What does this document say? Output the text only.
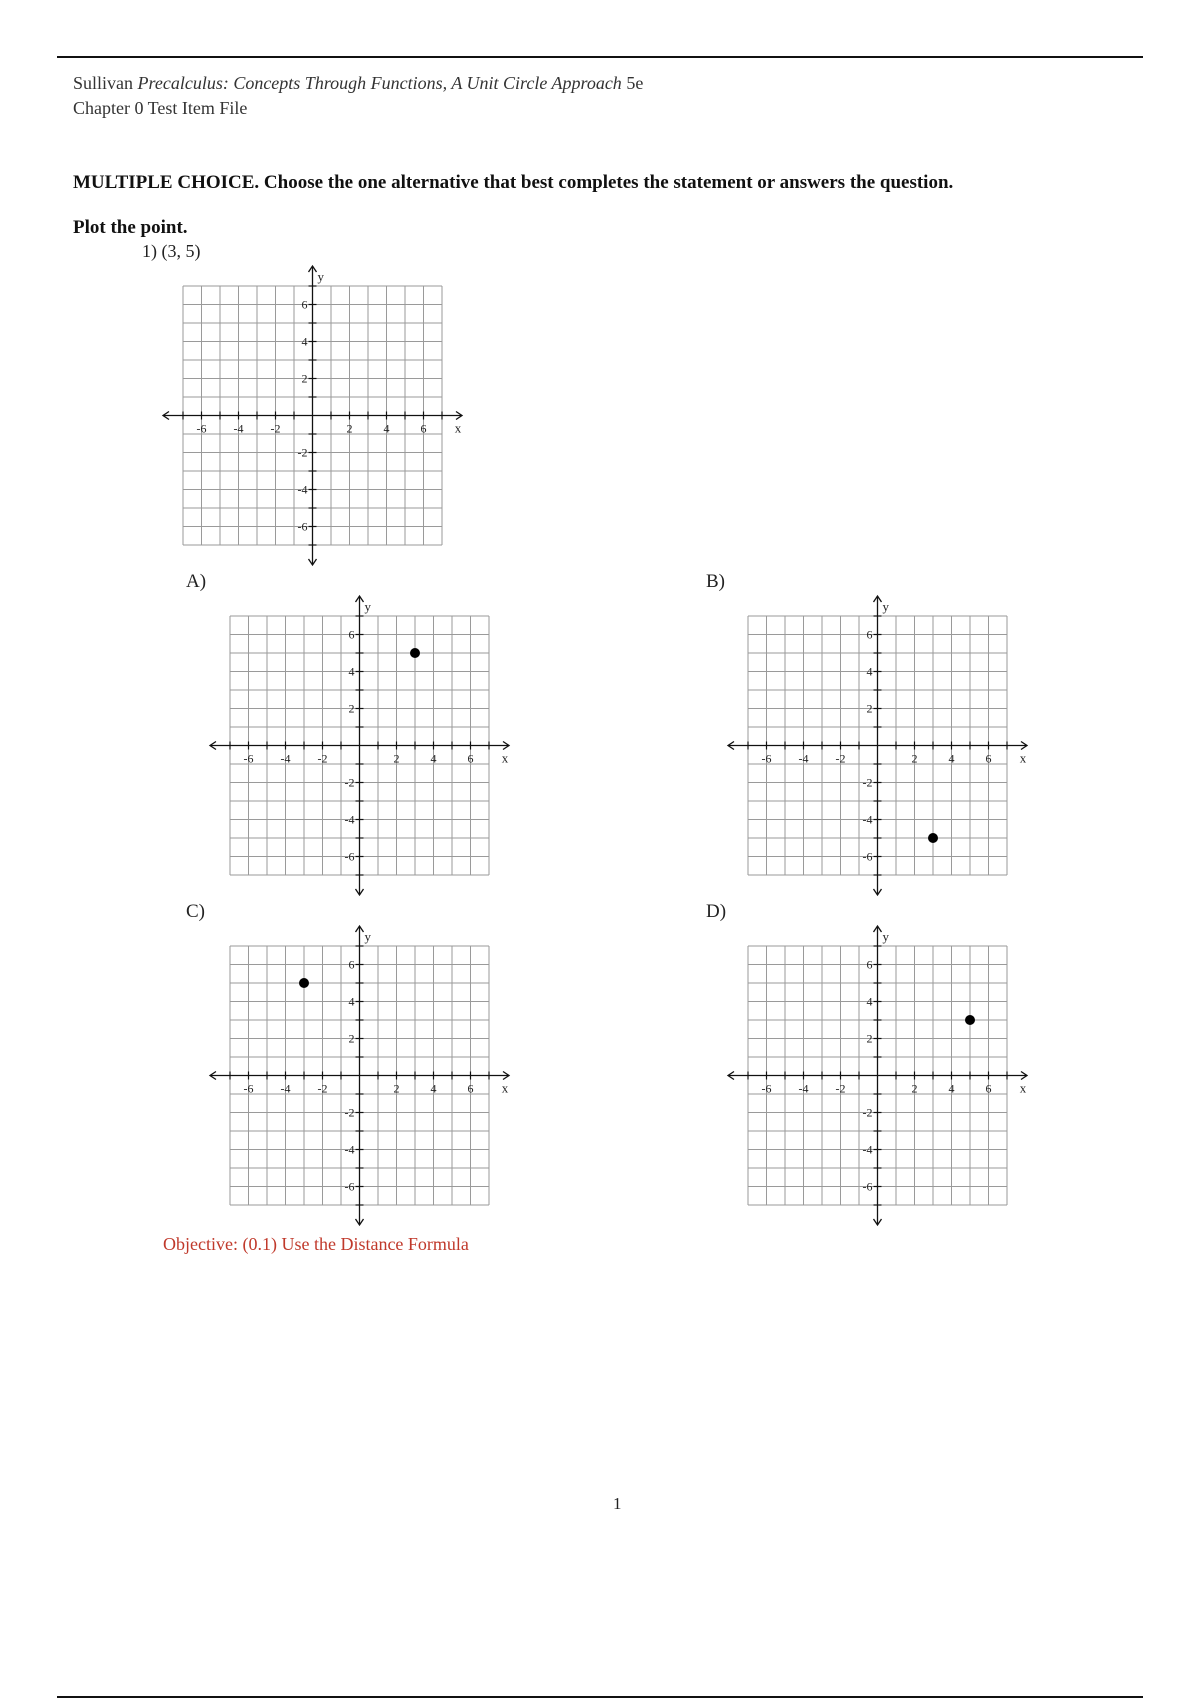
Sullivan Precalculus: Concepts Through Functions, A Unit Circle Approach 5e
Chapter 0 Test Item File
MULTIPLE CHOICE. Choose the one alternative that best completes the statement or answers the question.
Plot the point.
1) (3, 5)
-6
-6
-4
-4
-2
-2
2
2
4
4
6
6
x
y
A)
-6
-6
-4
-4
-2
-2
2
2
4
4
6
6
x
y
B)
-6
-6
-4
-4
-2
-2
2
2
4
4
6
6
x
y
C)
-6
-6
-4
-4
-2
-2
2
2
4
4
6
6
x
y
D)
-6
-6
-4
-4
-2
-2
2
2
4
4
6
6
x
y
Objective: (0.1) Use the Distance Formula
1
